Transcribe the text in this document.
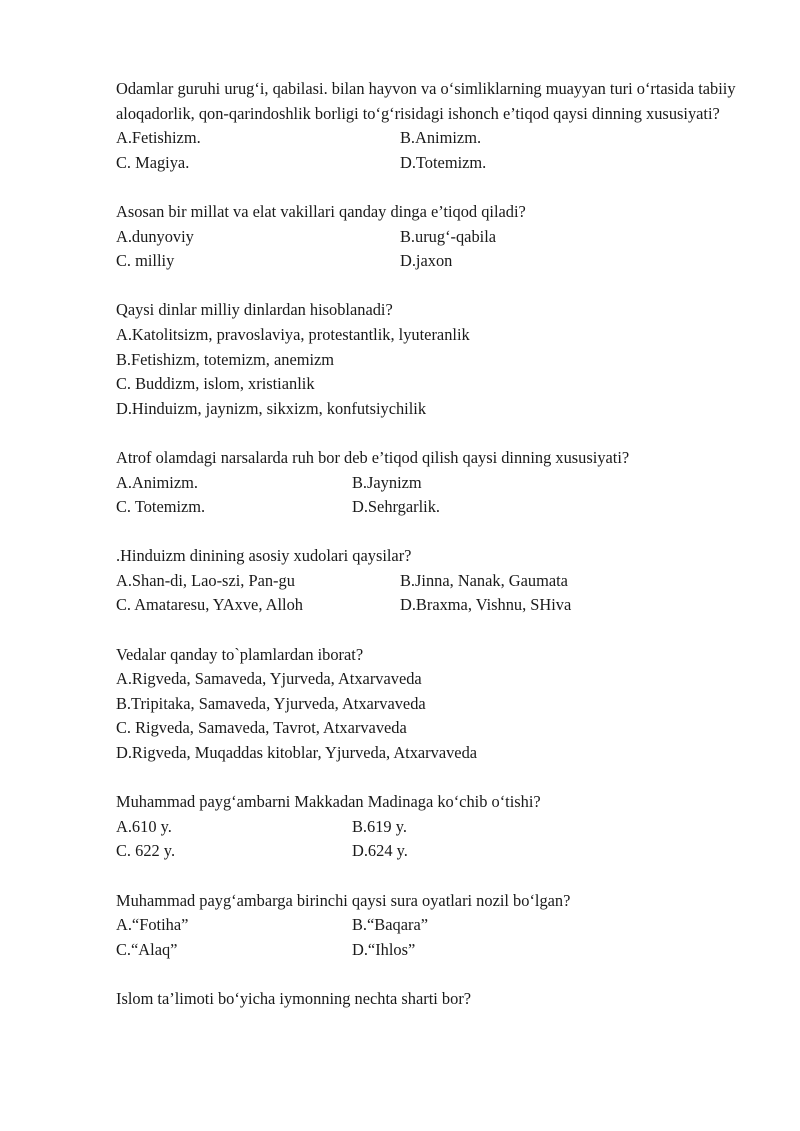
Odamlar guruhi urug‘i, qabilasi. bilan hayvon va o‘simliklarning muayyan turi o‘rtasida tabiiy aloqadorlik, qon-qarindoshlik borligi to‘g‘risidagi ishonch e’tiqod qaysi dinning xususiyati?

A.Fetishizm.	B.Animizm.
C. Magiya.	D.Totemizm.

Asosan bir millat va elat vakillari qanday dinga e’tiqod qiladi?

A.dunyoviy	B.urug‘-qabila
C. milliy	D.jaxon

Qaysi dinlar milliy dinlardan hisoblanadi?

A.Katolitsizm, pravoslaviya, protestantlik, lyuteranlik
B.Fetishizm, totemizm, anemizm
C. Buddizm, islom, xristianlik
D.Hinduizm, jaynizm, sikxizm, konfutsiychilik

Atrof olamdagi narsalarda ruh bor deb e’tiqod qilish qaysi dinning xususiyati?

A.Animizm.	B.Jaynizm
C. Totemizm.	D.Sehrgarlik.

.Hinduizm dinining asosiy xudolari qaysilar?

A.Shan-di, Lao-szi, Pan-gu	B.Jinna, Nanak, Gaumata
C. Amataresu, YAxve, Alloh	D.Braxma, Vishnu, SHiva

Vedalar qanday to`plamlardan iborat?

A.Rigveda, Samaveda, Yjurveda, Atxarvaveda
B.Tripitaka, Samaveda, Yjurveda, Atxarvaveda
C. Rigveda, Samaveda, Tavrot, Atxarvaveda
D.Rigveda, Muqaddas kitoblar, Yjurveda, Atxarvaveda

Muhammad payg‘ambarni Makkadan Madinaga ko‘chib o‘tishi?

A.610 y.	B.619 y.
C. 622 y.	D.624 y.

Muhammad payg‘ambarga birinchi qaysi sura oyatlari nozil bo‘lgan?

A.“Fotiha”	B.“Baqara”
C.“Alaq”	D.“Ihlos”

Islom ta’limoti bo‘yicha iymonning nechta sharti bor?
